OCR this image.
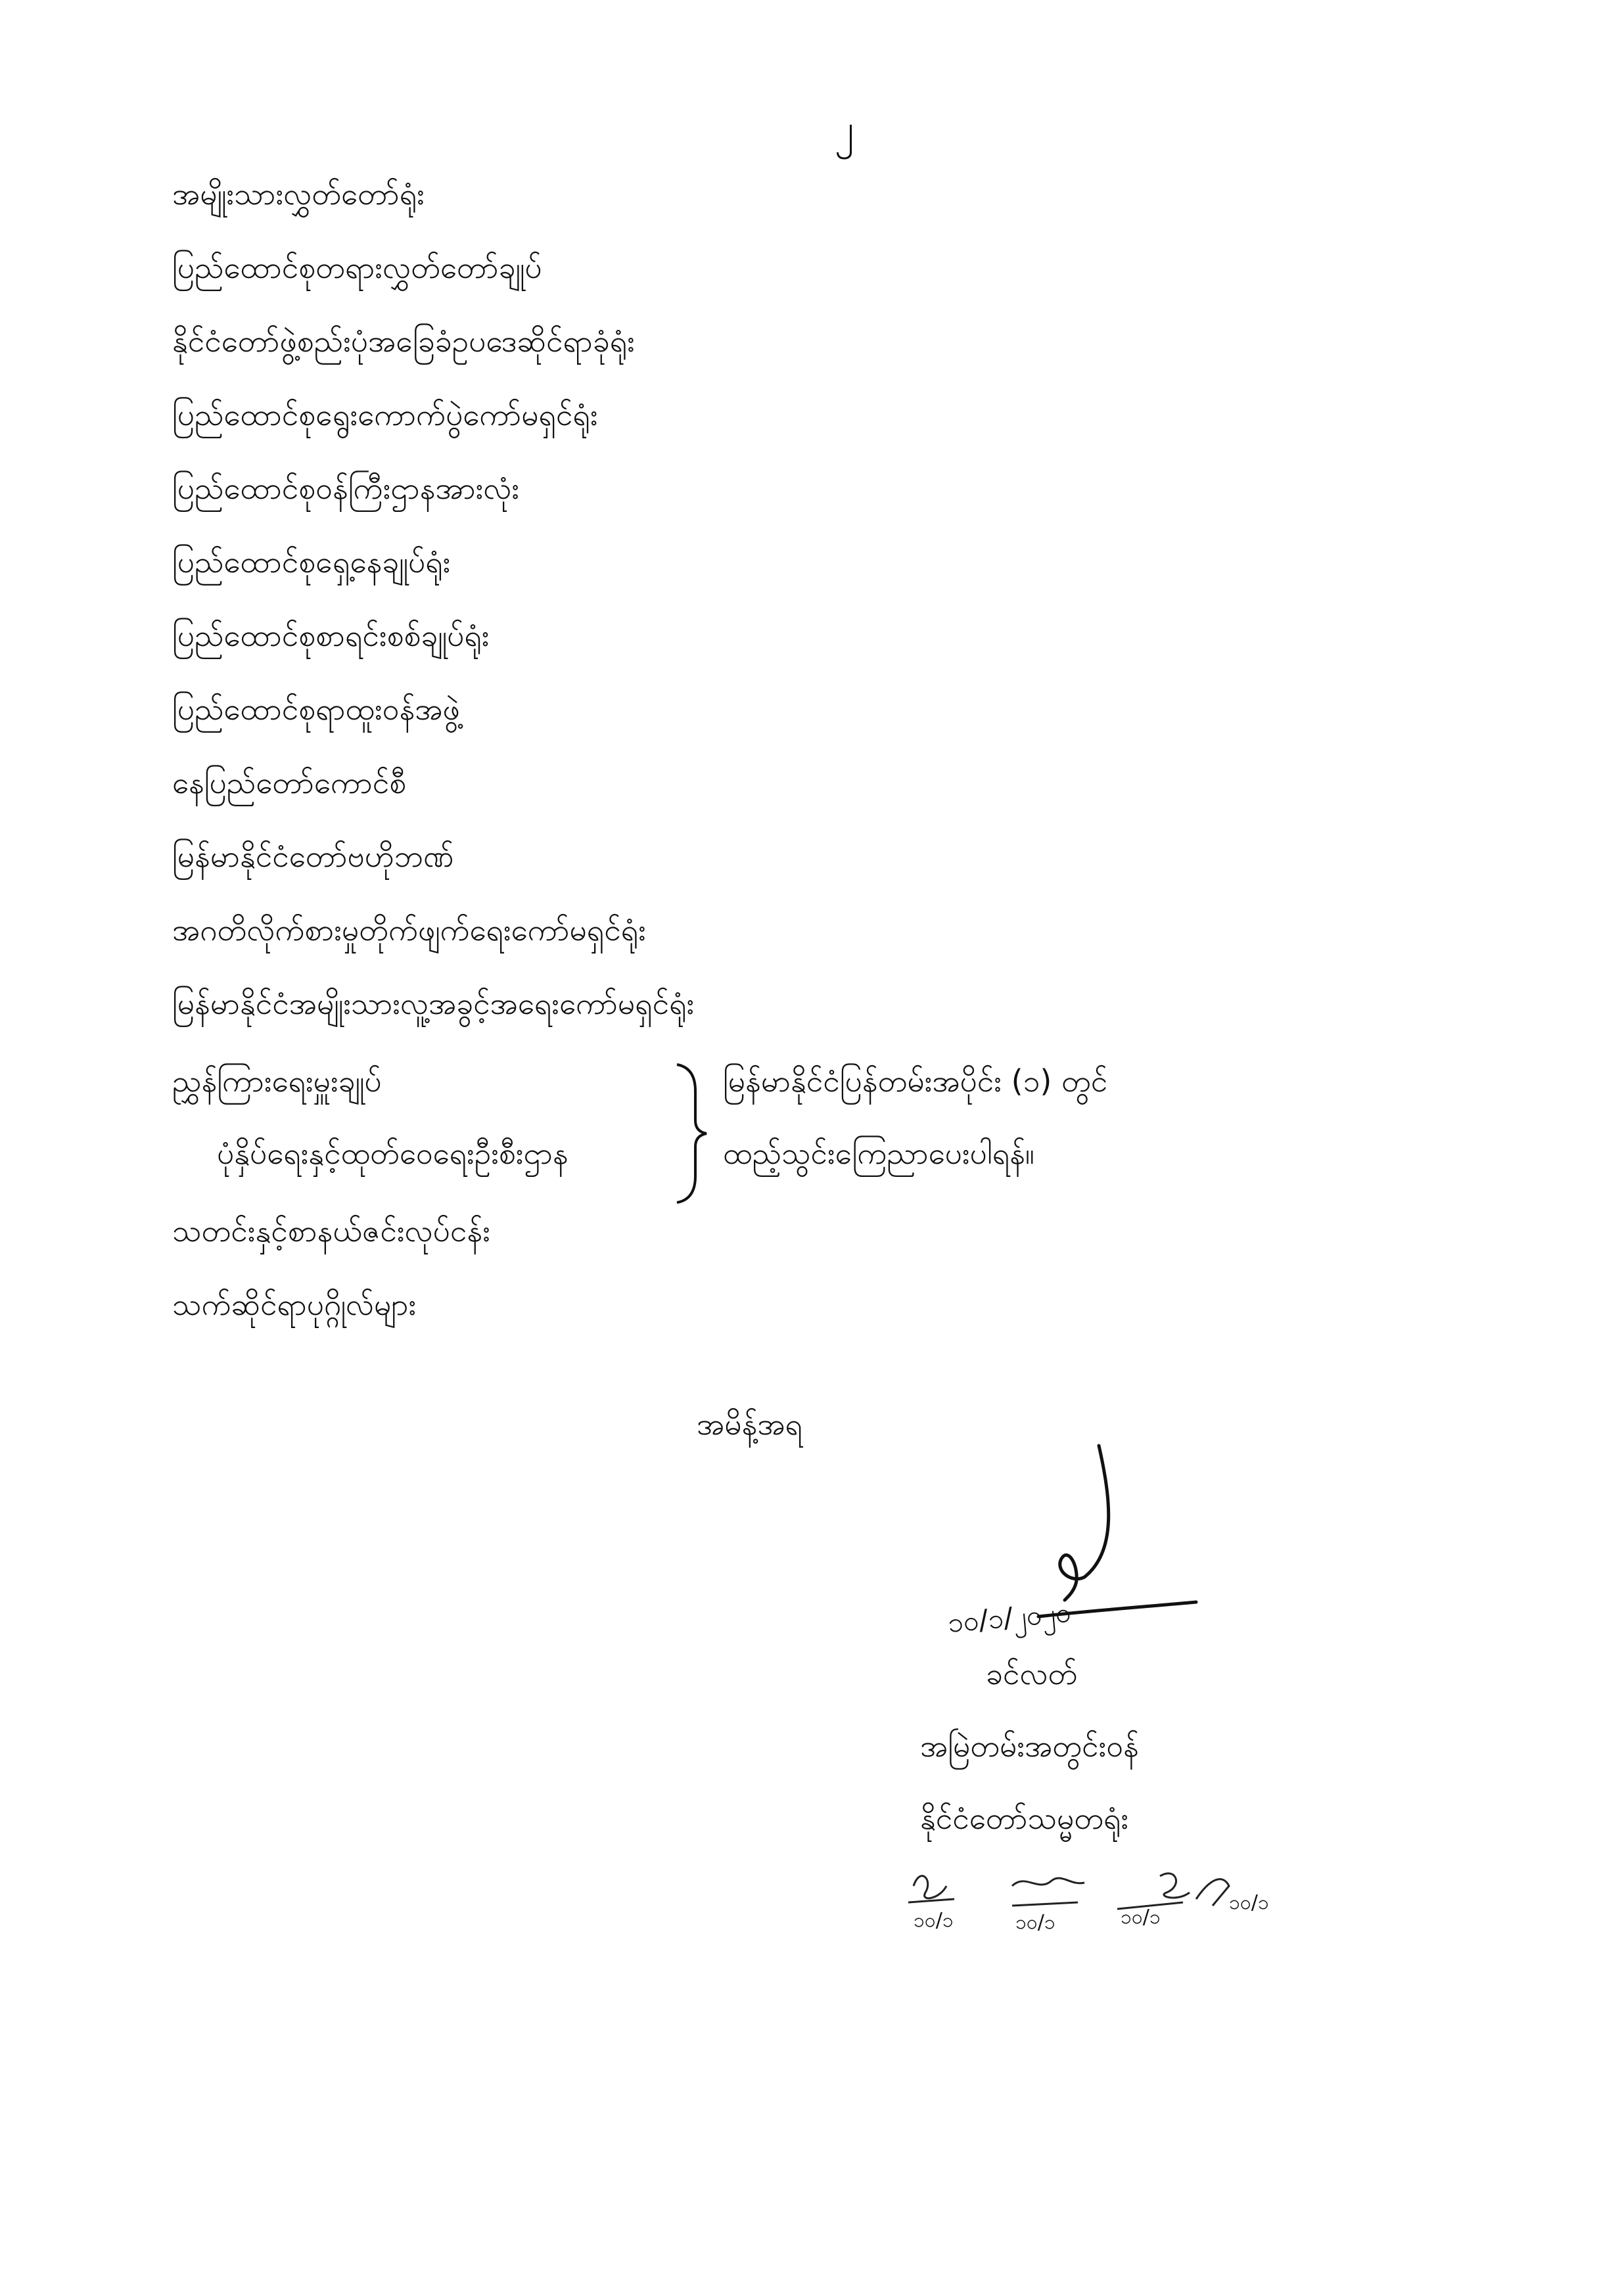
၂
အမျိုးသားလွှတ်တော်ရုံး
ပြည်ထောင်စုတရားလွှတ်တော်ချုပ်
နိုင်ငံတော်ဖွဲ့စည်းပုံအခြေခံဥပဒေဆိုင်ရာခုံရုံး
ပြည်ထောင်စုရွေးကောက်ပွဲကော်မရှင်ရုံး
ပြည်ထောင်စုဝန်ကြီးဌာနအားလုံး
ပြည်ထောင်စုရှေ့နေချုပ်ရုံး
ပြည်ထောင်စုစာရင်းစစ်ချုပ်ရုံး
ပြည်ထောင်စုရာထူးဝန်အဖွဲ့
နေပြည်တော်ကောင်စီ
မြန်မာနိုင်ငံတော်ဗဟိုဘဏ်
အဂတိလိုက်စားမှုတိုက်ဖျက်ရေးကော်မရှင်ရုံး
မြန်မာနိုင်ငံအမျိုးသားလူ့အခွင့်အရေးကော်မရှင်ရုံး
ညွှန်ကြားရေးမှူးချုပ်
ပုံနှိပ်ရေးနှင့်ထုတ်ဝေရေးဦးစီးဌာန
မြန်မာနိုင်ငံပြန်တမ်းအပိုင်း (၁) တွင်
ထည့်သွင်းကြေညာပေးပါရန်။
သတင်းနှင့်စာနယ်ဇင်းလုပ်ငန်း
သက်ဆိုင်ရာပုဂ္ဂိုလ်များ
အမိန့်အရ
၁၀/၁/၂၀၂၀
ခင်လတ်
အမြဲတမ်းအတွင်းဝန်
နိုင်ငံတော်သမ္မတရုံး
၁၀/၁	၁၀/၁	၁၀/၁
၁၀/၁
